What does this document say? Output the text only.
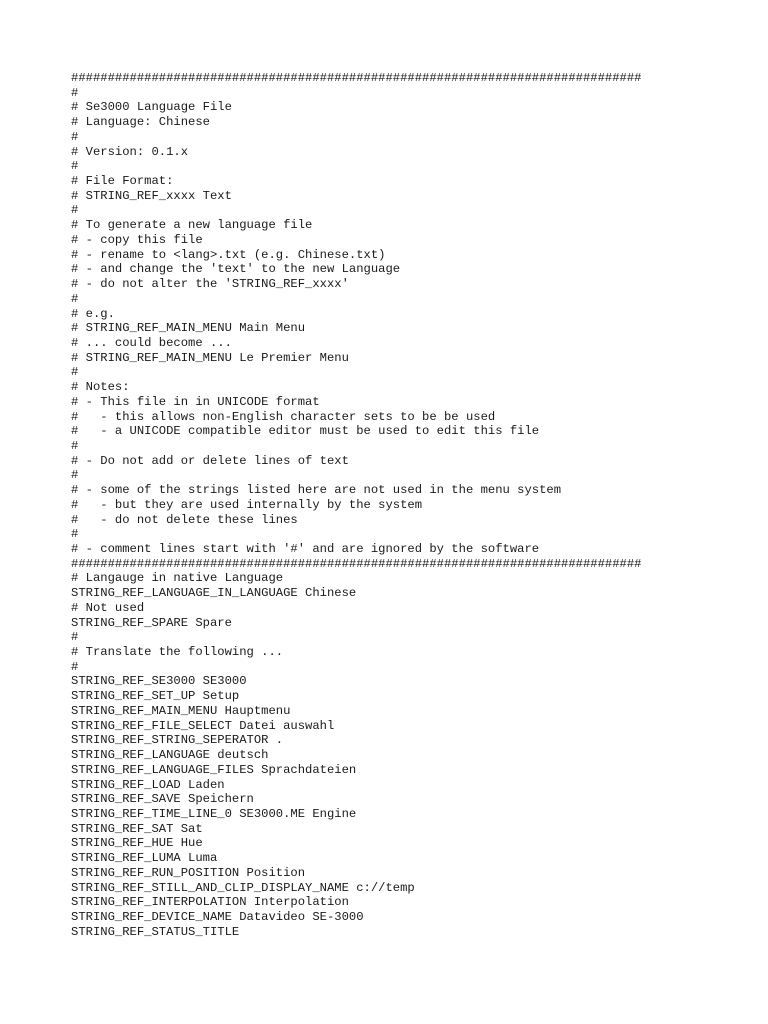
##############################################################################
#
# Se3000 Language File
# Language: Chinese
#
# Version: 0.1.x
#
# File Format:
# STRING_REF_xxxx Text
#
# To generate a new language file
# - copy this file
# - rename to <lang>.txt (e.g. Chinese.txt)
# - and change the 'text' to the new Language
# - do not alter the 'STRING_REF_xxxx'
#
# e.g.
# STRING_REF_MAIN_MENU Main Menu
# ... could become ...
# STRING_REF_MAIN_MENU Le Premier Menu
#
# Notes:
# - This file in in UNICODE format
#   - this allows non-English character sets to be be used
#   - a UNICODE compatible editor must be used to edit this file
#
# - Do not add or delete lines of text
#
# - some of the strings listed here are not used in the menu system
#   - but they are used internally by the system
#   - do not delete these lines
#
# - comment lines start with '#' and are ignored by the software
##############################################################################
# Langauge in native Language
STRING_REF_LANGUAGE_IN_LANGUAGE Chinese
# Not used
STRING_REF_SPARE Spare
#
# Translate the following ...
#
STRING_REF_SE3000 SE3000
STRING_REF_SET_UP Setup
STRING_REF_MAIN_MENU Hauptmenu
STRING_REF_FILE_SELECT Datei auswahl
STRING_REF_STRING_SEPERATOR .
STRING_REF_LANGUAGE deutsch
STRING_REF_LANGUAGE_FILES Sprachdateien
STRING_REF_LOAD Laden
STRING_REF_SAVE Speichern
STRING_REF_TIME_LINE_0 SE3000.ME Engine
STRING_REF_SAT Sat
STRING_REF_HUE Hue
STRING_REF_LUMA Luma
STRING_REF_RUN_POSITION Position
STRING_REF_STILL_AND_CLIP_DISPLAY_NAME c://temp
STRING_REF_INTERPOLATION Interpolation
STRING_REF_DEVICE_NAME Datavideo SE-3000
STRING_REF_STATUS_TITLE
